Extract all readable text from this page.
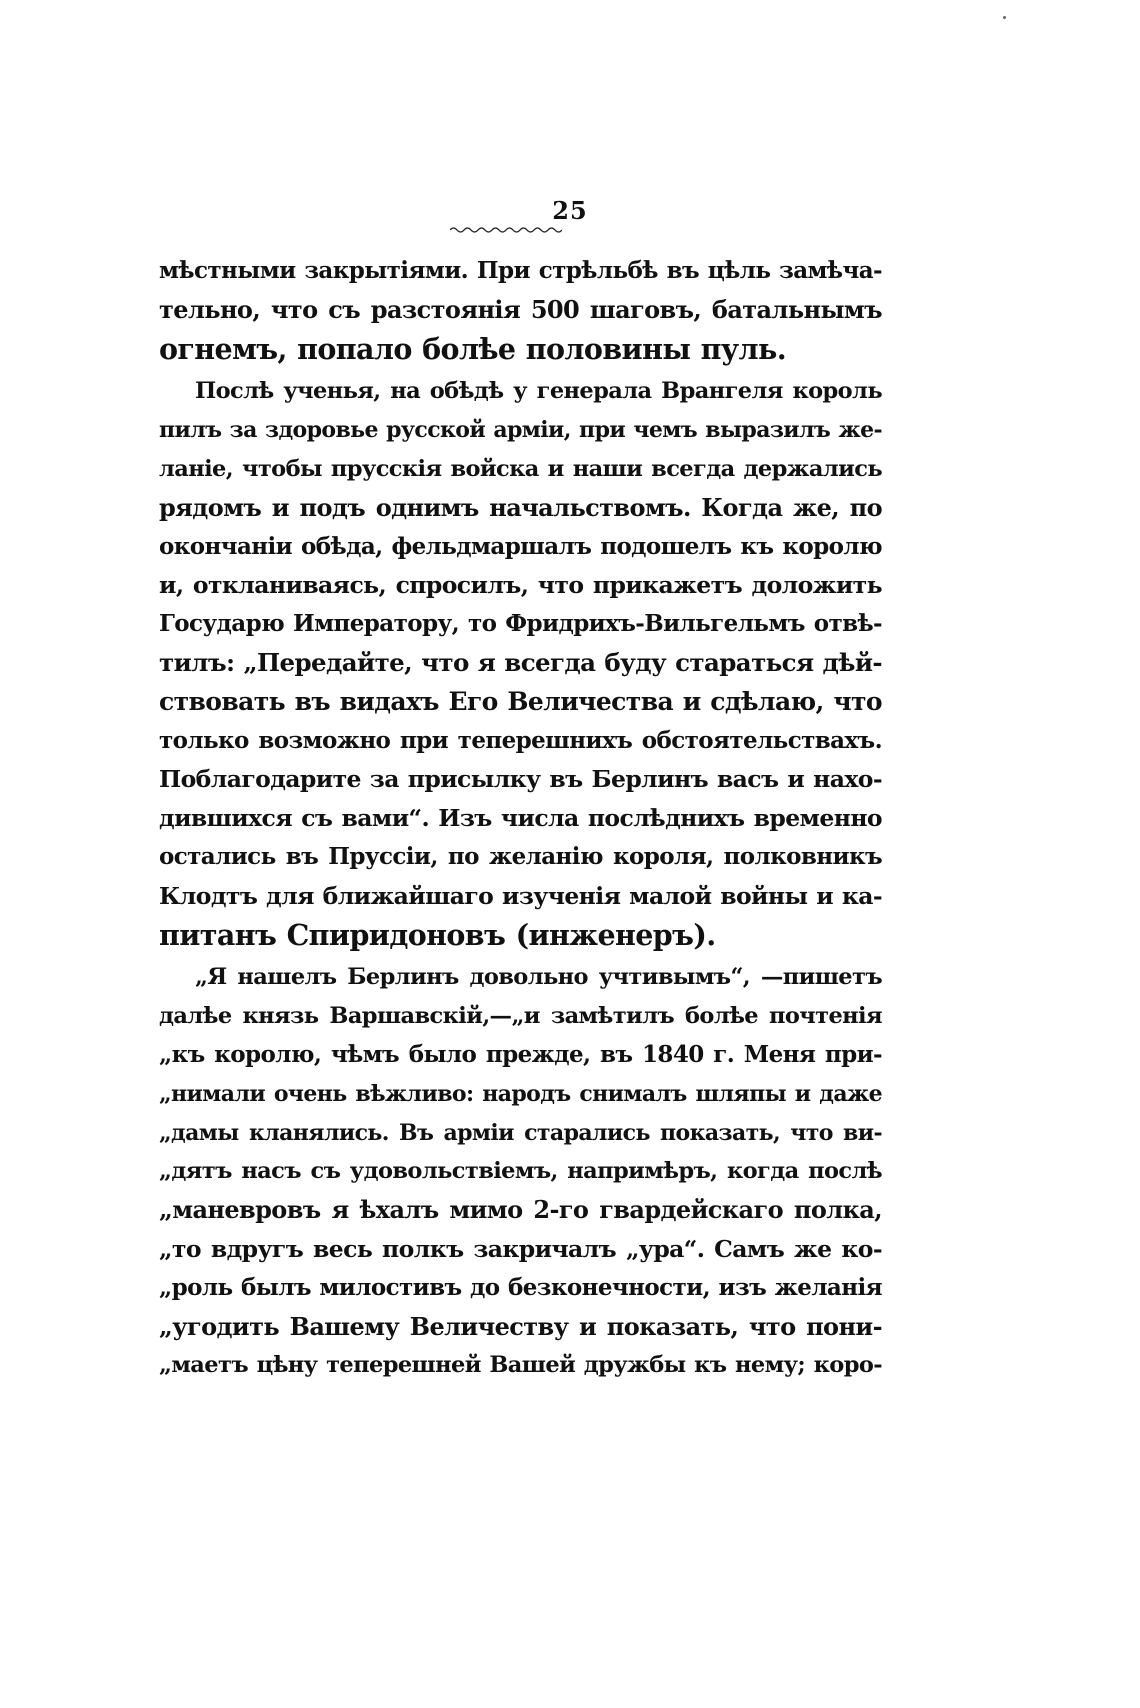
25
мѣстными закрытіями. При стрѣльбѣ въ цѣль замѣча-
тельно, что съ разстоянія 500 шаговъ, батальнымъ
огнемъ, попало болѣе половины пуль.
Послѣ ученья, на обѣдѣ у генерала Врангеля король
пилъ за здоровье русской арміи, при чемъ выразилъ же-
ланіе, чтобы прусскія войска и наши всегда держались
рядомъ и подъ однимъ начальствомъ. Когда же, по
окончаніи обѣда, фельдмаршалъ подошелъ къ королю
и, откланиваясь, спросилъ, что прикажетъ доложить
Государю Императору, то Фридрихъ-Вильгельмъ отвѣ-
тилъ: „Передайте, что я всегда буду стараться дѣй-
ствовать въ видахъ Его Величества и сдѣлаю, что
только возможно при теперешнихъ обстоятельствахъ.
Поблагодарите за присылку въ Берлинъ васъ и нахо-
дившихся съ вами“. Изъ числа послѣднихъ временно
остались въ Пруссіи, по желанію короля, полковникъ
Клодтъ для ближайшаго изученія малой войны и ка-
питанъ Спиридоновъ (инженеръ).
„Я нашелъ Берлинъ довольно учтивымъ“, —пишетъ
далѣе князь Варшавскій,—„и замѣтилъ болѣе почтенія
„къ королю, чѣмъ было прежде, въ 1840 г. Меня при-
„нимали очень вѣжливо: народъ снималъ шляпы и даже
„дамы кланялись. Въ арміи старались показать, что ви-
„дятъ насъ съ удовольствіемъ, напримѣръ, когда послѣ
„маневровъ я ѣхалъ мимо 2-го гвардейскаго полка,
„то вдругъ весь полкъ закричалъ „ура“. Самъ же ко-
„роль былъ милостивъ до безконечности, изъ желанія
„угодить Вашему Величеству и показать, что пони-
„маетъ цѣну теперешней Вашей дружбы къ нему; коро-
